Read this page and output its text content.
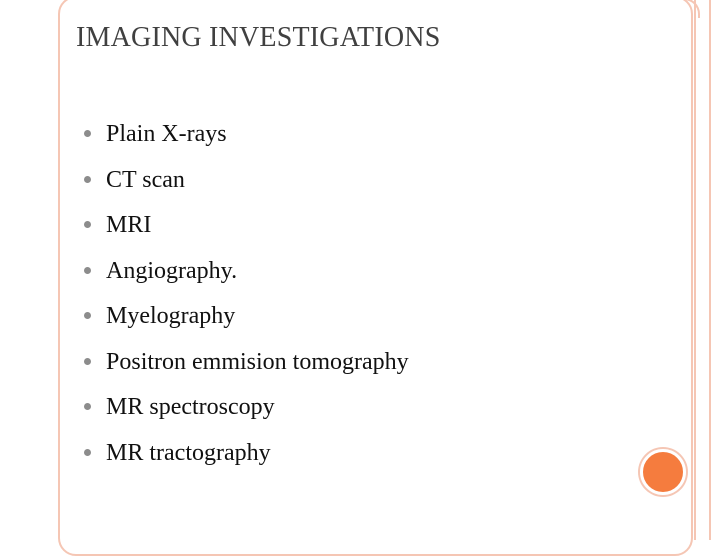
IMAGING INVESTIGATIONS
Plain X-rays
CT scan
MRI
Angiography.
Myelography
Positron emmision tomography
MR spectroscopy
MR tractography
